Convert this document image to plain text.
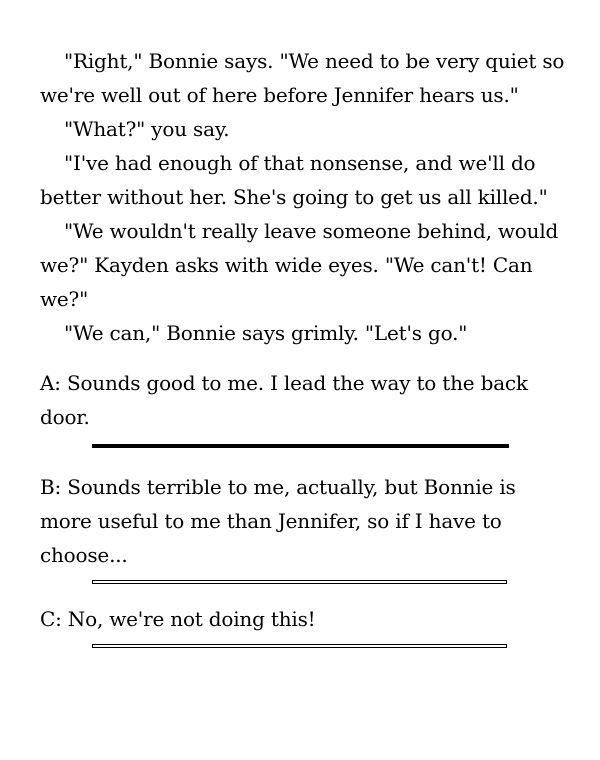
"Right," Bonnie says. "We need to be very quiet so we're well out of here before Jennifer hears us."

"What?" you say.

"I've had enough of that nonsense, and we'll do better without her. She's going to get us all killed."

"We wouldn't really leave someone behind, would we?" Kayden asks with wide eyes. "We can't! Can we?"

"We can," Bonnie says grimly. "Let's go."

A: Sounds good to me. I lead the way to the back door.

B: Sounds terrible to me, actually, but Bonnie is more useful to me than Jennifer, so if I have to choose...

C: No, we're not doing this!
